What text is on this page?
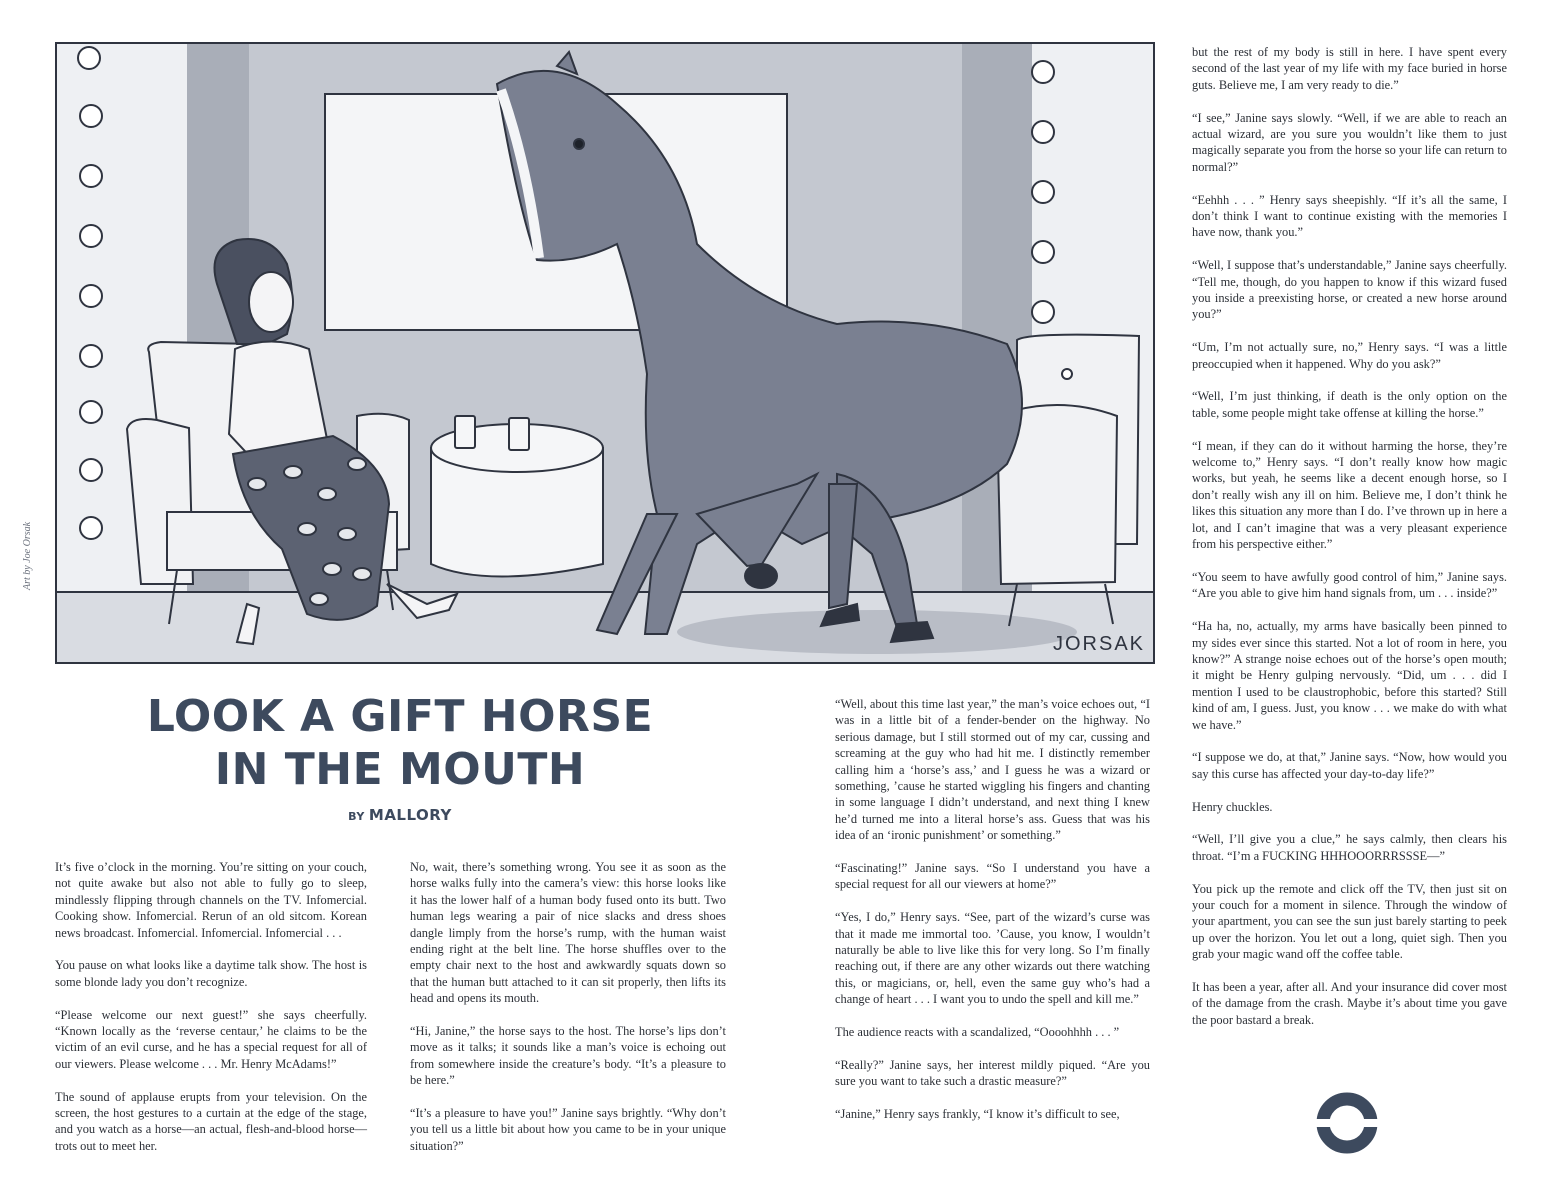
JORSAK
Art by Joe Orsak
LOOK A GIFT HORSE
IN THE MOUTH
BY MALLORY

It’s five o’clock in the morning. You’re sitting on your couch, not quite awake but also not able to fully go to sleep, mindlessly flipping through channels on the TV. Infomercial. Cooking show. Infomercial. Rerun of an old sitcom. Korean news broadcast. Infomercial. Infomercial. Infomercial . . .

You pause on what looks like a daytime talk show. The host is some blonde lady you don’t recognize.

“Please welcome our next guest!” she says cheerfully. “Known locally as the ‘reverse centaur,’ he claims to be the victim of an evil curse, and he has a special request for all of our viewers. Please welcome . . . Mr. Henry McAdams!”

The sound of applause erupts from your television. On the screen, the host gestures to a curtain at the edge of the stage, and you watch as a horse—an actual, flesh-and-blood horse—trots out to meet her.

No, wait, there’s something wrong. You see it as soon as the horse walks fully into the camera’s view: this horse looks like it has the lower half of a human body fused onto its butt. Two human legs wearing a pair of nice slacks and dress shoes dangle limply from the horse’s rump, with the human waist ending right at the belt line. The horse shuffles over to the empty chair next to the host and awkwardly squats down so that the human butt attached to it can sit properly, then lifts its head and opens its mouth.

“Hi, Janine,” the horse says to the host. The horse’s lips don’t move as it talks; it sounds like a man’s voice is echoing out from somewhere inside the creature’s body. “It’s a pleasure to be here.”

“It’s a pleasure to have you!” Janine says brightly. “Why don’t you tell us a little bit about how you came to be in your unique situation?”

“Well, about this time last year,” the man’s voice echoes out, “I was in a little bit of a fender-bender on the highway. No serious damage, but I still stormed out of my car, cussing and screaming at the guy who had hit me. I distinctly remember calling him a ‘horse’s ass,’ and I guess he was a wizard or something, ’cause he started wiggling his fingers and chanting in some language I didn’t understand, and next thing I knew he’d turned me into a literal horse’s ass. Guess that was his idea of an ‘ironic punishment’ or something.”

“Fascinating!” Janine says. “So I understand you have a special request for all our viewers at home?”

“Yes, I do,” Henry says. “See, part of the wizard’s curse was that it made me immortal too. ’Cause, you know, I wouldn’t naturally be able to live like this for very long. So I’m finally reaching out, if there are any other wizards out there watching this, or magicians, or, hell, even the same guy who’s had a change of heart . . . I want you to undo the spell and kill me.”

The audience reacts with a scandalized, “Oooohhhh . . . ”

“Really?” Janine says, her interest mildly piqued. “Are you sure you want to take such a drastic measure?”

“Janine,” Henry says frankly, “I know it’s difficult to see,

but the rest of my body is still in here. I have spent every second of the last year of my life with my face buried in horse guts. Believe me, I am very ready to die.”

“I see,” Janine says slowly. “Well, if we are able to reach an actual wizard, are you sure you wouldn’t like them to just magically separate you from the horse so your life can return to normal?”

“Eehhh . . . ” Henry says sheepishly. “If it’s all the same, I don’t think I want to continue existing with the memories I have now, thank you.”

“Well, I suppose that’s understandable,” Janine says cheerfully. “Tell me, though, do you happen to know if this wizard fused you inside a preexisting horse, or created a new horse around you?”

“Um, I’m not actually sure, no,” Henry says. “I was a little preoccupied when it happened. Why do you ask?”

“Well, I’m just thinking, if death is the only option on the table, some people might take offense at killing the horse.”

“I mean, if they can do it without harming the horse, they’re welcome to,” Henry says. “I don’t really know how magic works, but yeah, he seems like a decent enough horse, so I don’t really wish any ill on him. Believe me, I don’t think he likes this situation any more than I do. I’ve thrown up in here a lot, and I can’t imagine that was a very pleasant experience from his perspective either.”

“You seem to have awfully good control of him,” Janine says. “Are you able to give him hand signals from, um . . . inside?”

“Ha ha, no, actually, my arms have basically been pinned to my sides ever since this started. Not a lot of room in here, you know?” A strange noise echoes out of the horse’s open mouth; it might be Henry gulping nervously. “Did, um . . . did I mention I used to be claustrophobic, before this started? Still kind of am, I guess. Just, you know . . . we make do with what we have.”

“I suppose we do, at that,” Janine says. “Now, how would you say this curse has affected your day-to-day life?”

Henry chuckles.

“Well, I’ll give you a clue,” he says calmly, then clears his throat. “I’m a FUCKING HHHOOORRRSSSE—”

You pick up the remote and click off the TV, then just sit on your couch for a moment in silence. Through the window of your apartment, you can see the sun just barely starting to peek up over the horizon. You let out a long, quiet sigh. Then you grab your magic wand off the coffee table.

It has been a year, after all. And your insurance did cover most of the damage from the crash. Maybe it’s about time you gave the poor bastard a break.
